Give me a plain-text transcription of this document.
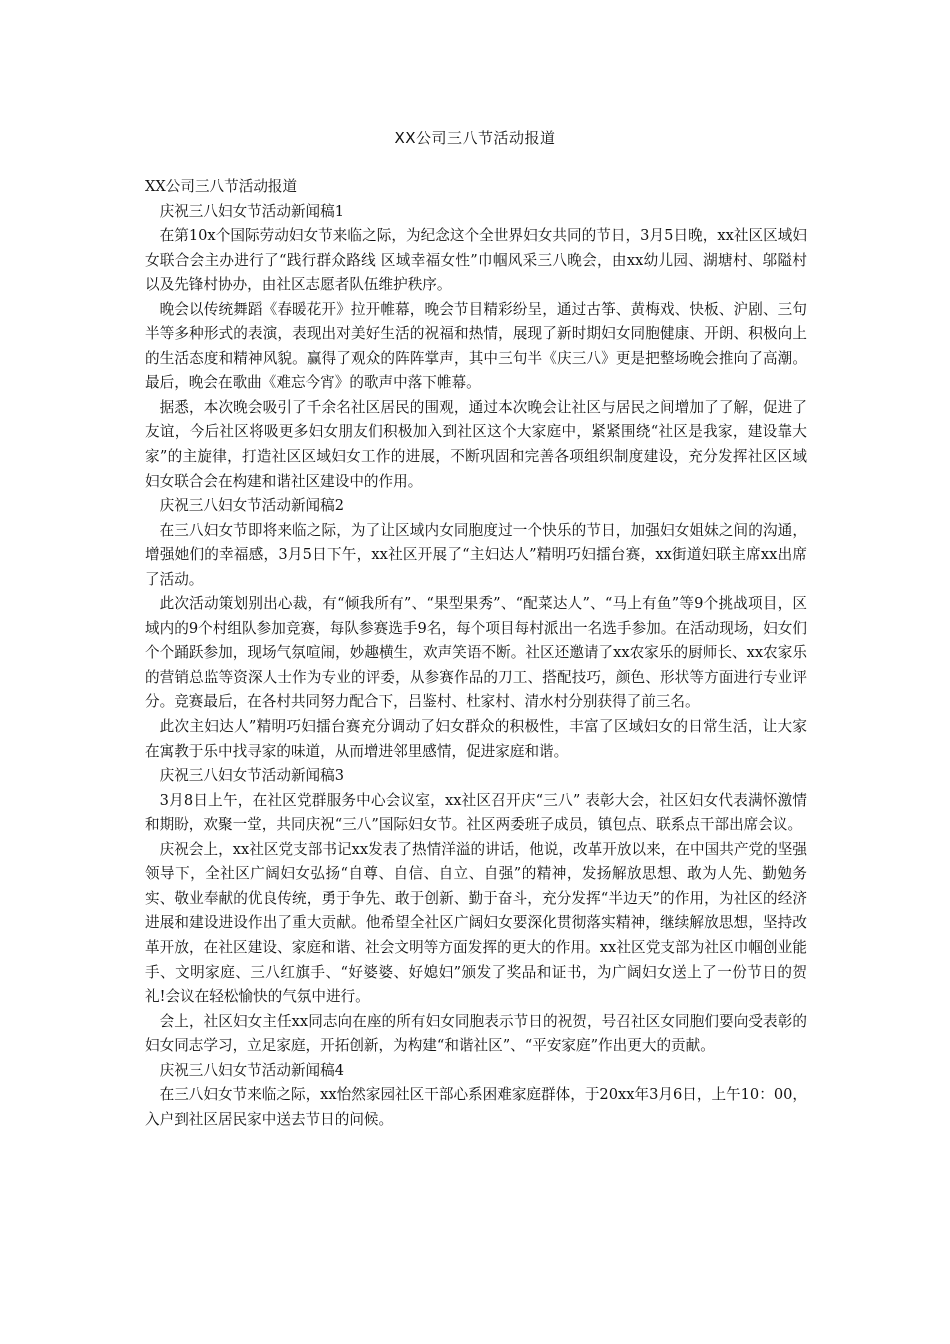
XX公司三八节活动报道

XX公司三八节活动报道

庆祝三八妇女节活动新闻稿1

在第10x个国际劳动妇女节来临之际，为纪念这个全世界妇女共同的节日，3月5日晚，xx社区区域妇女联合会主办进行了“践行群众路线 区域幸福女性”巾帼风采三八晚会，由xx幼儿园、湖塘村、邬隘村以及先锋村协办，由社区志愿者队伍维护秩序。

晚会以传统舞蹈《春暖花开》拉开帷幕，晚会节目精彩纷呈，通过古筝、黄梅戏、快板、沪剧、三句半等多种形式的表演，表现出对美好生活的祝福和热情，展现了新时期妇女同胞健康、开朗、积极向上的生活态度和精神风貌。赢得了观众的阵阵掌声，其中三句半《庆三八》更是把整场晚会推向了高潮。最后，晚会在歌曲《难忘今宵》的歌声中落下帷幕。

据悉，本次晚会吸引了千余名社区居民的围观，通过本次晚会让社区与居民之间增加了了解，促进了友谊，今后社区将吸更多妇女朋友们积极加入到社区这个大家庭中，紧紧围绕“社区是我家，建设靠大家”的主旋律，打造社区区域妇女工作的进展，不断巩固和完善各项组织制度建设，充分发挥社区区域妇女联合会在构建和谐社区建设中的作用。

庆祝三八妇女节活动新闻稿2

在三八妇女节即将来临之际，为了让区域内女同胞度过一个快乐的节日，加强妇女姐妹之间的沟通，增强她们的幸福感，3月5日下午，xx社区开展了“主妇达人”精明巧妇擂台赛，xx街道妇联主席xx出席了活动。

此次活动策划别出心裁，有“倾我所有”、“果型果秀”、“配菜达人”、“马上有鱼”等9个挑战项目，区域内的9个村组队参加竞赛，每队参赛选手9名，每个项目每村派出一名选手参加。在活动现场，妇女们个个踊跃参加，现场气氛喧闹，妙趣横生，欢声笑语不断。社区还邀请了xx农家乐的厨师长、xx农家乐的营销总监等资深人士作为专业的评委，从参赛作品的刀工、搭配技巧，颜色、形状等方面进行专业评分。竞赛最后，在各村共同努力配合下，吕鉴村、杜家村、清水村分别获得了前三名。

此次主妇达人”精明巧妇擂台赛充分调动了妇女群众的积极性，丰富了区域妇女的日常生活，让大家在寓教于乐中找寻家的味道，从而增进邻里感情，促进家庭和谐。

庆祝三八妇女节活动新闻稿3

3月8日上午，在社区党群服务中心会议室，xx社区召开庆“三八” 表彰大会，社区妇女代表满怀激情和期盼，欢聚一堂，共同庆祝“三八”国际妇女节。社区两委班子成员，镇包点、联系点干部出席会议。

庆祝会上，xx社区党支部书记xx发表了热情洋溢的讲话，他说，改革开放以来，在中国共产党的坚强领导下，全社区广阔妇女弘扬“自尊、自信、自立、自强”的精神，发扬解放思想、敢为人先、勤勉务实、敬业奉献的优良传统，勇于争先、敢于创新、勤于奋斗，充分发挥“半边天”的作用，为社区的经济进展和建设进设作出了重大贡献。他希望全社区广阔妇女要深化贯彻落实精神，继续解放思想，坚持改革开放，在社区建设、家庭和谐、社会文明等方面发挥的更大的作用。xx社区党支部为社区巾帼创业能手、文明家庭、三八红旗手、“好婆婆、好媳妇”颁发了奖品和证书，为广阔妇女送上了一份节日的贺礼!会议在轻松愉快的气氛中进行。

会上，社区妇女主任xx同志向在座的所有妇女同胞表示节日的祝贺，号召社区女同胞们要向受表彰的妇女同志学习，立足家庭，开拓创新，为构建“和谐社区”、“平安家庭”作出更大的贡献。

庆祝三八妇女节活动新闻稿4

在三八妇女节来临之际，xx怡然家园社区干部心系困难家庭群体，于20xx年3月6日，上午10：00，入户到社区居民家中送去节日的问候。
